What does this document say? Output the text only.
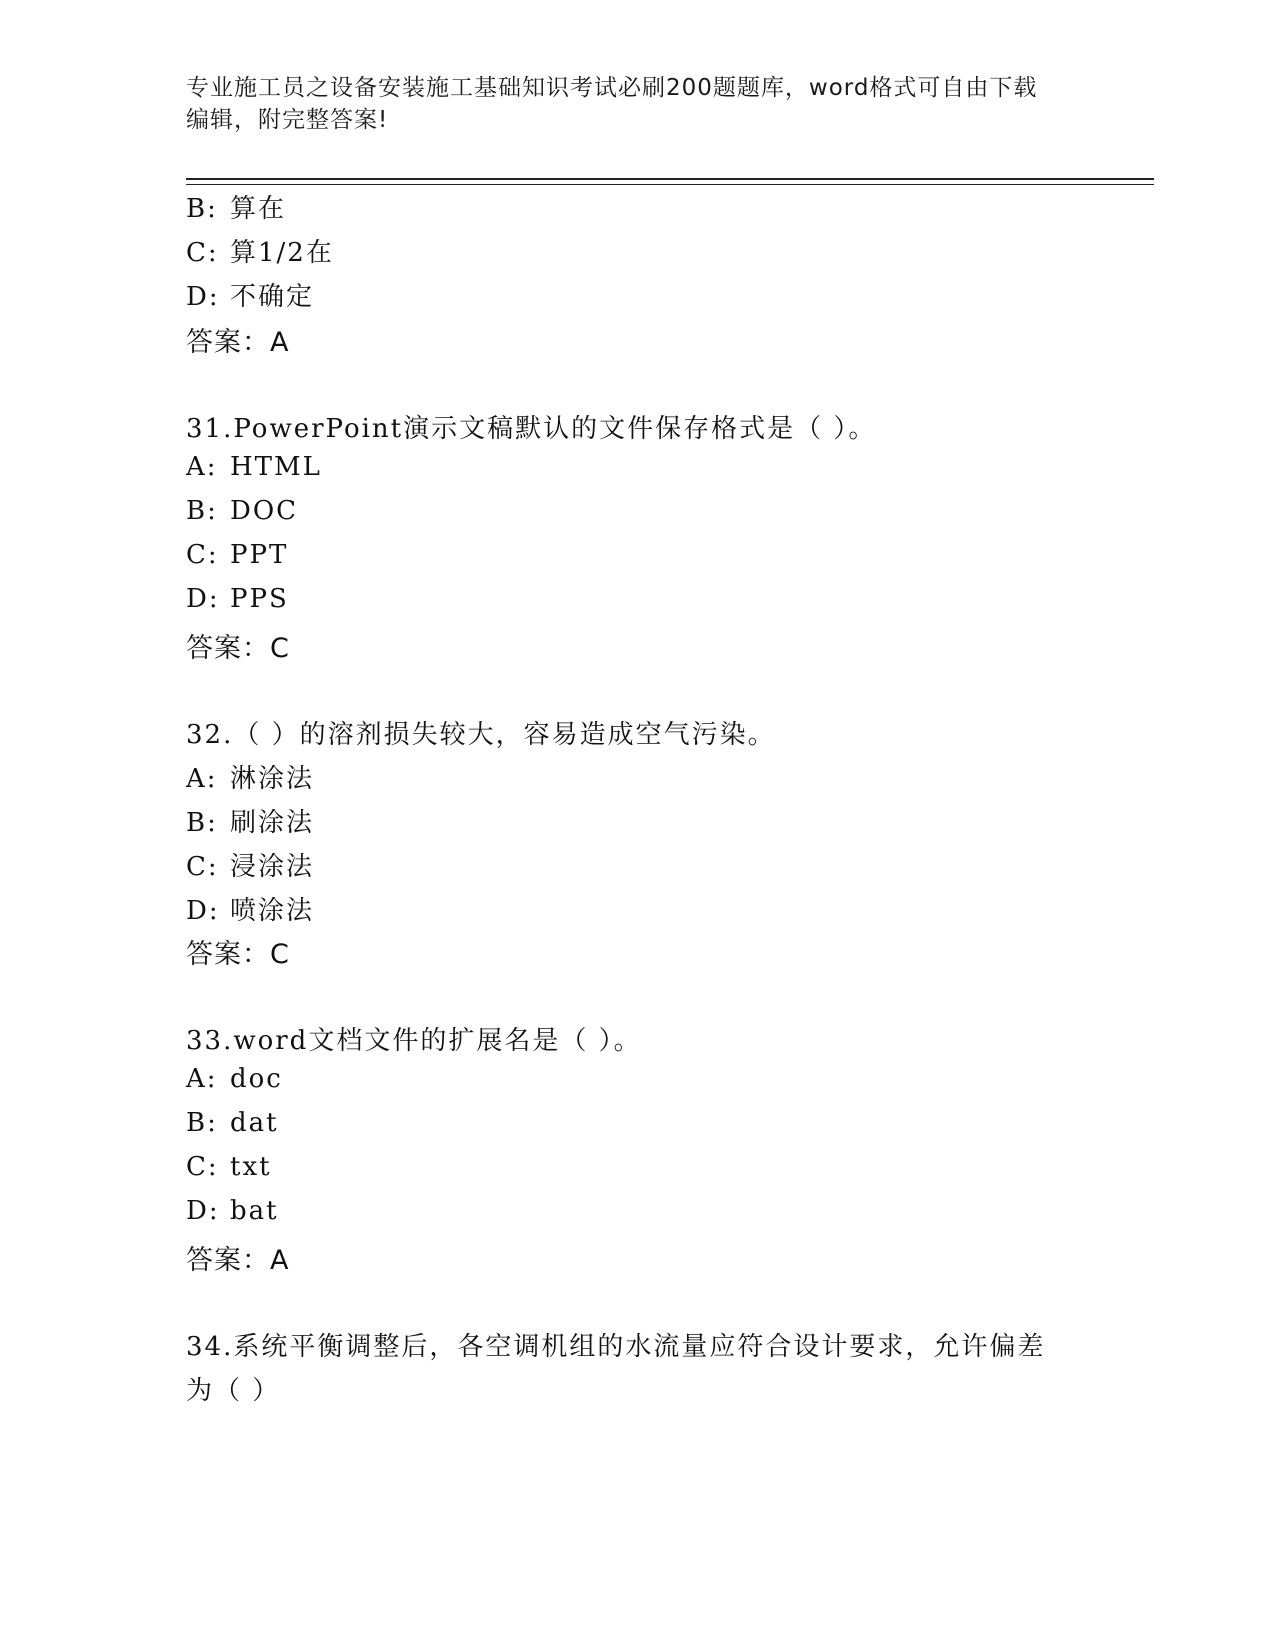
专业施工员之设备安装施工基础知识考试必刷200题题库，word格式可自由下载
编辑，附完整答案!
B: 算在
C: 算1/2在
D: 不确定
答案：A
31.PowerPoint演示文稿默认的文件保存格式是（ ）。
A: HTML
B: DOC
C: PPT
D: PPS
答案：C
32.（ ）的溶剂损失较大，容易造成空气污染。
A: 淋涂法
B: 刷涂法
C: 浸涂法
D: 喷涂法
答案：C
33.word文档文件的扩展名是（ ）。
A: doc
B: dat
C: txt
D: bat
答案：A
34.系统平衡调整后，各空调机组的水流量应符合设计要求，允许偏差
为（ ）
